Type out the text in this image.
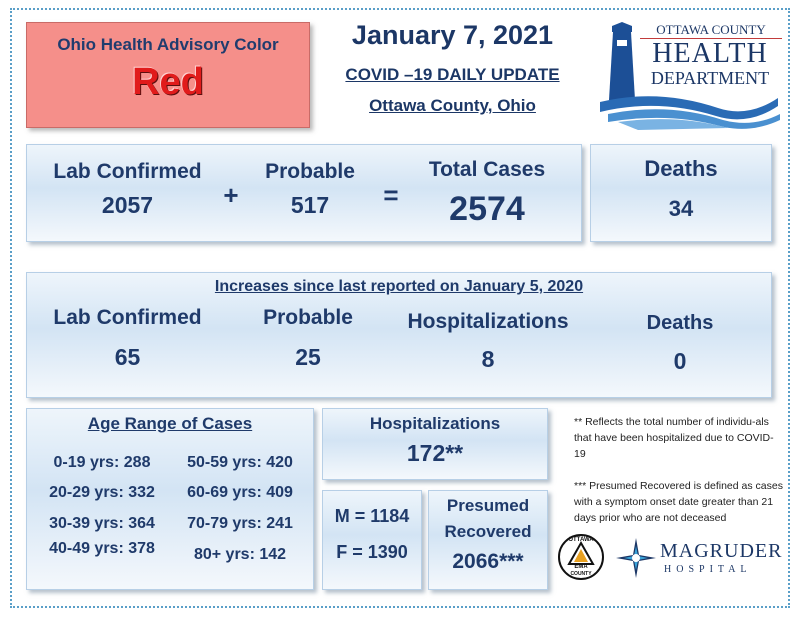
Ohio Health Advisory Color
Red
January 7, 2021
COVID –19 DAILY UPDATE
Ottawa County, Ohio
OTTAWA COUNTY
HEALTH
DEPARTMENT
Lab Confirmed
2057	+
Probable
517	=
Total Cases
2574
Deaths
34
Increases since last reported on January 5, 2020
Lab Confirmed
65
Probable
25
Hospitalizations
8
Deaths
0
Age Range of Cases
0-19 yrs: 288	50-59 yrs: 420
20-29 yrs: 332	60-69 yrs: 409
30-39 yrs: 364	70-79 yrs: 241
40-49 yrs: 378	80+ yrs: 142
Hospitalizations
172**
M = 1184
F = 1390
Presumed
Recovered
2066***
** Reflects the total number of individu-als that have been hospitalized due to COVID-19
*** Presumed Recovered is defined as cases with a symptom onset date greater than 21 days prior who are not deceased
OTTAWA
EMA
COUNTY
MAGRUDER
HOSPITAL
